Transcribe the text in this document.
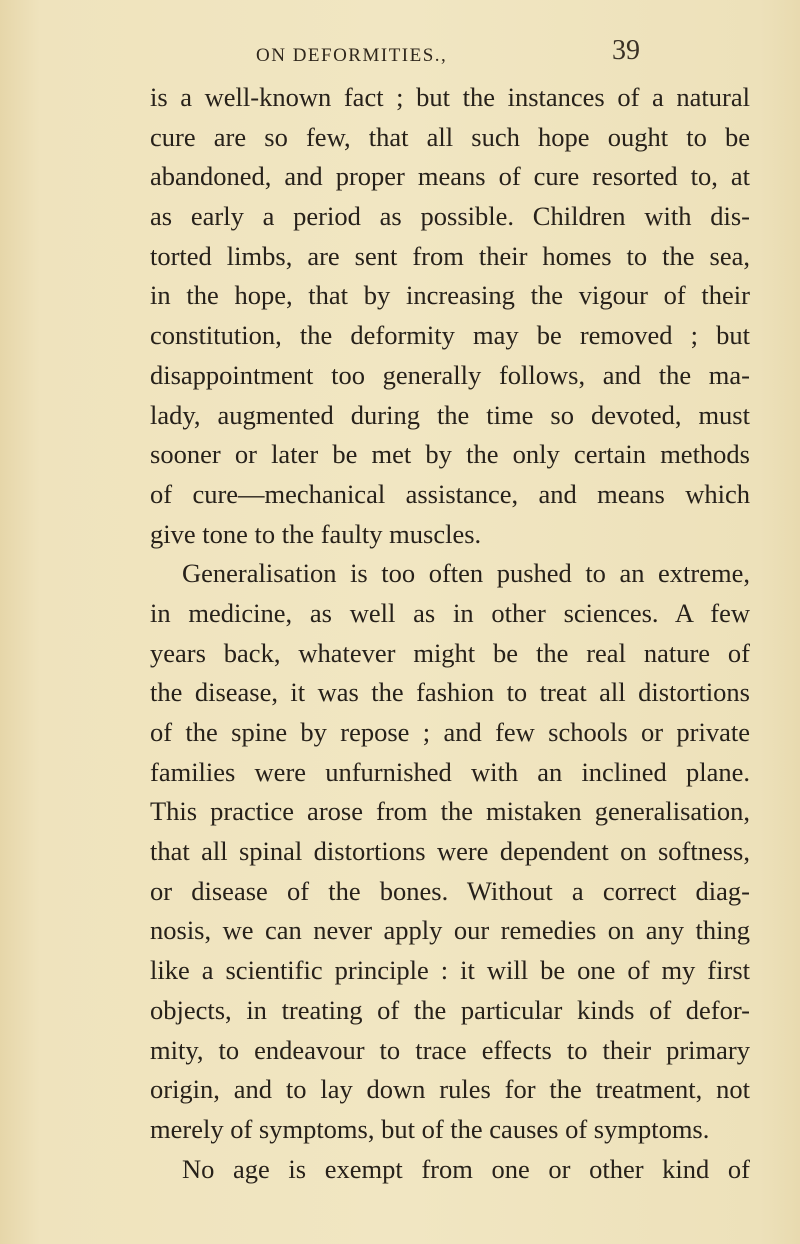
ON DEFORMITIES.,	39
is a well-known fact ; but the instances of a natural
cure are so few, that all such hope ought to be
abandoned, and proper means of cure resorted to, at
as early a period as possible. Children with dis-
torted limbs, are sent from their homes to the sea,
in the hope, that by increasing the vigour of their
constitution, the deformity may be removed ; but
disappointment too generally follows, and the ma-
lady, augmented during the time so devoted, must
sooner or later be met by the only certain methods
of cure—mechanical assistance, and means which
give tone to the faulty muscles.
Generalisation is too often pushed to an extreme,
in medicine, as well as in other sciences. A few
years back, whatever might be the real nature of
the disease, it was the fashion to treat all distortions
of the spine by repose ; and few schools or private
families were unfurnished with an inclined plane.
This practice arose from the mistaken generalisation,
that all spinal distortions were dependent on softness,
or disease of the bones. Without a correct diag-
nosis, we can never apply our remedies on any thing
like a scientific principle : it will be one of my first
objects, in treating of the particular kinds of defor-
mity, to endeavour to trace effects to their primary
origin, and to lay down rules for the treatment, not
merely of symptoms, but of the causes of symptoms.
No age is exempt from one or other kind of
